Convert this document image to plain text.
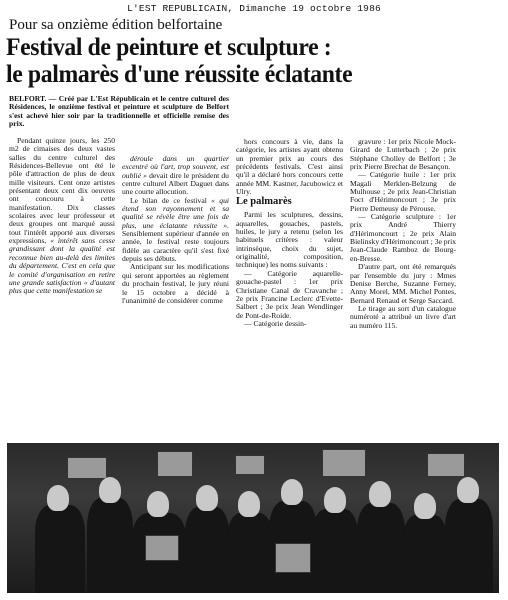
L'EST REPUBLICAIN, Dimanche 19 octobre 1986
Pour sa onzième édition belfortaine
Festival de peinture et sculpture :
le palmarès d'une réussite éclatante
BELFORT. — Créé par L'Est Républicain et le centre culturel des Résidences, le onzième festival et peinture et sculpture de Belfort s'est achevé hier soir par la traditionnelle et officielle remise des prix.

Pendant quinze jours, les 250 m2 de cimaises des deux vastes salles du centre culturel des Résidences-Bellevue ont été le pôle d'attraction de plus de deux mille visiteurs. Cent onze artistes présentant deux cent dix oeuvres ont concouru à cette manifestation. Dix classes scolaires avec leur professeur et deux groupes ont marqué aussi tout l'intérêt apporté aux diverses expressions, « intérêt sans cesse grandissant dont la qualité est reconnue bien au-delà des limites du département. C'est en cela que le comité d'organisation en retire une grande satisfaction « d'autant plus que cette manifestation se

déroule dans un quartier excentré où l'art, trop souvent, est oublié » devait dire le président du centre culturel Albert Daguet dans une courte allocution.

Le bilan de ce festival « qui étend son rayonnement et sa qualité se révèle être une fois de plus, une éclatante réussite ». Sensiblement supérieur d'année en année, le festival reste toujours fidèle au caractère qu'il s'est fixé depuis ses débuts.

Anticipant sur les modifications qui seront apportées au règlement du prochain festival, le jury réuni le 15 octobre a décidé à l'unanimité de considérer comme

hors concours à vie, dans la catégorie, les artistes ayant obtenu un premier prix au cours des précédents festivals. C'est ainsi qu'il a déclaré hors concours cette année MM. Kastner, Jacubowicz et Ulry.

Le palmarès

Parmi les sculptures, dessins, aquarelles, gouaches, pastels, huiles, le jury a retenu (selon les habituels critères : valeur intrinsèque, choix du sujet, originalité, composition, technique) les noms suivants :

— Catégorie aquarelle-gouache-pastel : 1er prix Christiane Canal de Cravanche ; 2e prix Francine Leclerc d'Evette-Salbert ; 3e prix Jean Wendlinger de Pont-de-Roide.

— Catégorie dessin-

gravure : 1er prix Nicole Mock-Girard de Lutterbach ; 2e prix Stéphane Cholley de Belfort ; 3e prix Pierre Brechat de Besançon.

— Catégorie huile : 1er prix Magali Merklen-Belzung de Mulhouse ; 2e prix Jean-Christian Foct d'Hérimoncourt ; 3e prix Pierre Demeusy de Pérouse.

— Catégorie sculpture : 1er prix André Thierry d'Hérimoncourt ; 2e prix Alain Bielinsky d'Hérimoncourt ; 3e prix Jean-Claude Ramboz de Bourg-en-Bresse.

D'autre part, ont été remarqués par l'ensemble du jury : Mmes Denise Berche, Suzanne Ferney, Anny Morel, MM. Michel Pontes, Bernard Renaud et Serge Saccard.

Le tirage au sort d'un catalogue numéroté a attribué un livre d'art au numéro 115.
